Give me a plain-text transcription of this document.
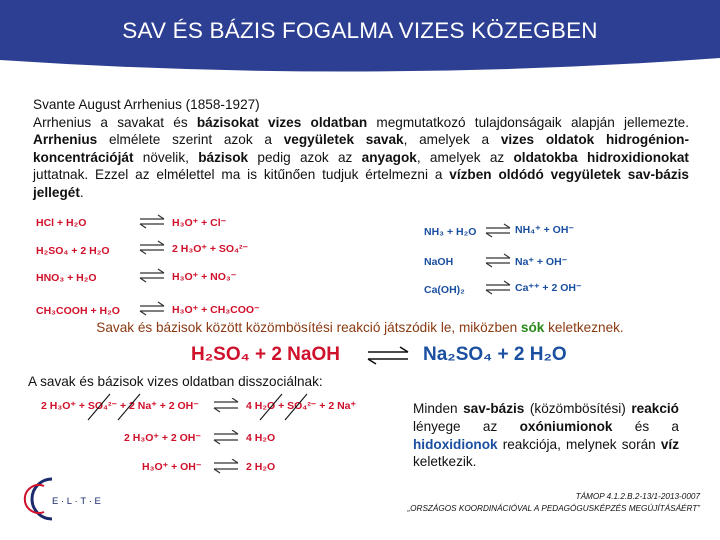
SAV ÉS BÁZIS FOGALMA VIZES KÖZEGBEN
Svante August Arrhenius (1858-1927)
Arrhenius a savakat és bázisokat vizes oldatban megmutatkozó tulajdonságaik alapján jellemezte. Arrhenius elmélete szerint azok a vegyületek savak, amelyek a vizes oldatok hidrogénion-koncentrációját növelik, bázisok pedig azok az anyagok, amelyek az oldatokba hidroxidionokat juttatnak. Ezzel az elmélettel ma is kitűnően tudjuk értelmezni a vízben oldódó vegyületek sav-bázis jellegét.
HCl + H₂O	H₃O⁺ + Cl⁻
H₂SO₄ + 2 H₂O	2 H₃O⁺ + SO₄²⁻
HNO₃ + H₂O	H₃O⁺ + NO₃⁻
CH₃COOH + H₂O	H₃O⁺ + CH₃COO⁻
NH₃ + H₂O	NH₄⁺ + OH⁻
NaOH	Na⁺ + OH⁻
Ca(OH)₂	Ca⁺⁺ + 2 OH⁻
Savak és bázisok között közömbösítési reakció játszódik le, miközben sók keletkeznek.
H₂SO₄ + 2 NaOH	Na₂SO₄ + 2 H₂O
A savak és bázisok vizes oldatban disszociálnak:
2 H₃O⁺ + SO₄²⁻ + 2 Na⁺ + 2 OH⁻	4 H₂O + SO₄²⁻ + 2 Na⁺
2 H₃O⁺ + 2 OH⁻	4 H₂O
H₃O⁺ + OH⁻	2 H₂O
Minden sav-bázis (közömbösítési) reakció lényege az oxóniumionok és a hidoxidionok reakciója, melynek során víz keletkezik.
E·L·T·E	TÁMOP 4.1.2.B.2-13/1-2013-0007
„ORSZÁGOS KOORDINÁCIÓVAL A PEDAGÓGUSKÉPZÉS MEGÚJÍTÁSÁÉRT”
